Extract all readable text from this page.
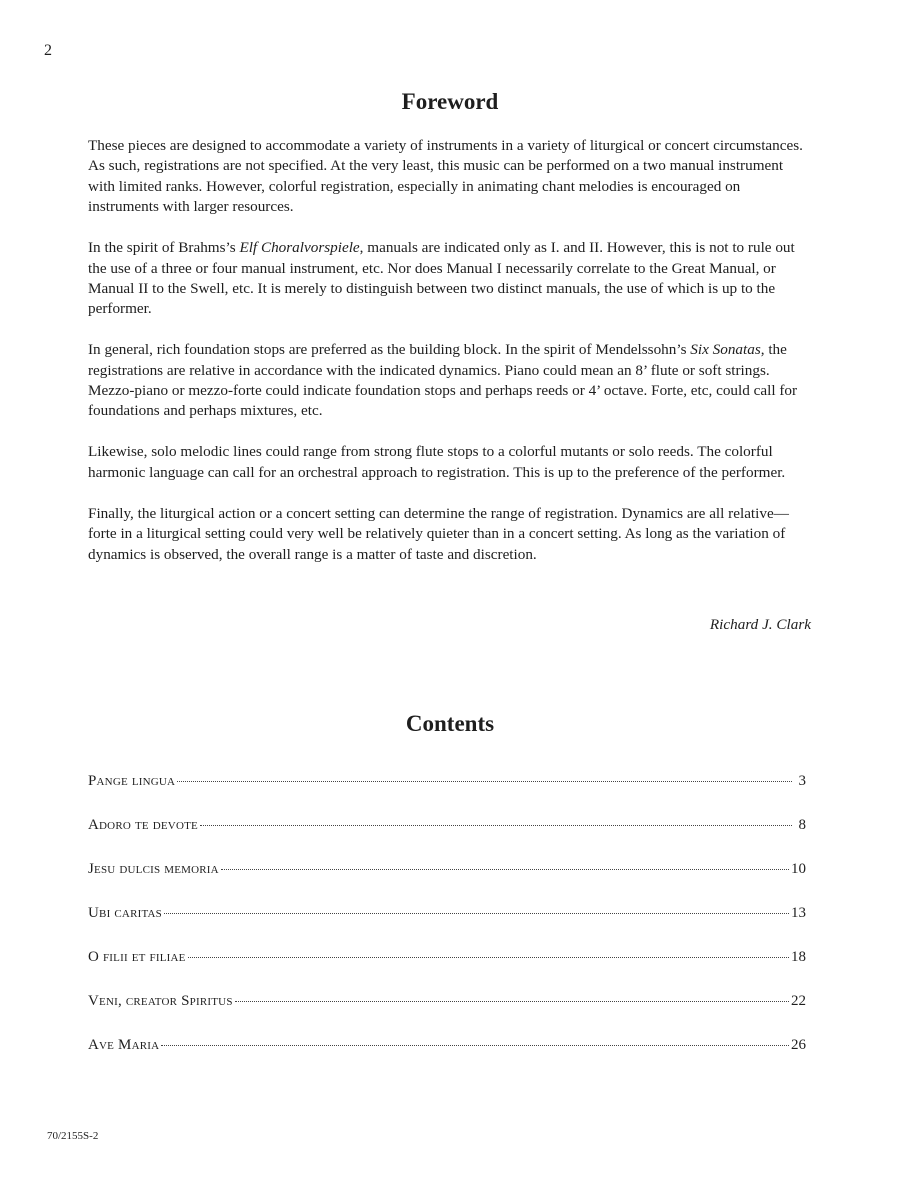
2
Foreword

These pieces are designed to accommodate a variety of instruments in a variety of liturgical or concert circumstances. As such, registrations are not specified. At the very least, this music can be performed on a two manual instrument with limited ranks. However, colorful registration, especially in animating chant melodies is encouraged on instruments with larger resources.

In the spirit of Brahms’s Elf Choralvorspiele, manuals are indicated only as I. and II. However, this is not to rule out the use of a three or four manual instrument, etc. Nor does Manual I necessarily correlate to the Great Manual, or Manual II to the Swell, etc. It is merely to distinguish between two distinct manuals, the use of which is up to the performer.

In general, rich foundation stops are preferred as the building block. In the spirit of Mendelssohn’s Six Sonatas, the registrations are relative in accordance with the indicated dynamics. Piano could mean an 8’ flute or soft strings. Mezzo-piano or mezzo-forte could indicate foundation stops and perhaps reeds or 4’ octave. Forte, etc, could call for foundations and perhaps mixtures, etc.

Likewise, solo melodic lines could range from strong flute stops to a colorful mutants or solo reeds. The colorful harmonic language can call for an orchestral approach to registration. This is up to the preference of the performer.

Finally, the liturgical action or a concert setting can determine the range of registration. Dynamics are all relative—forte in a liturgical setting could very well be relatively quieter than in a concert setting. As long as the variation of dynamics is observed, the overall range is a matter of taste and discretion.

Richard J. Clark
Contents
Pange lingua	3
Adoro te devote	8
Jesu dulcis memoria	10
Ubi caritas	13
O filii et filiae	18
Veni, creator Spiritus	22
Ave Maria	26
70/2155S-2
